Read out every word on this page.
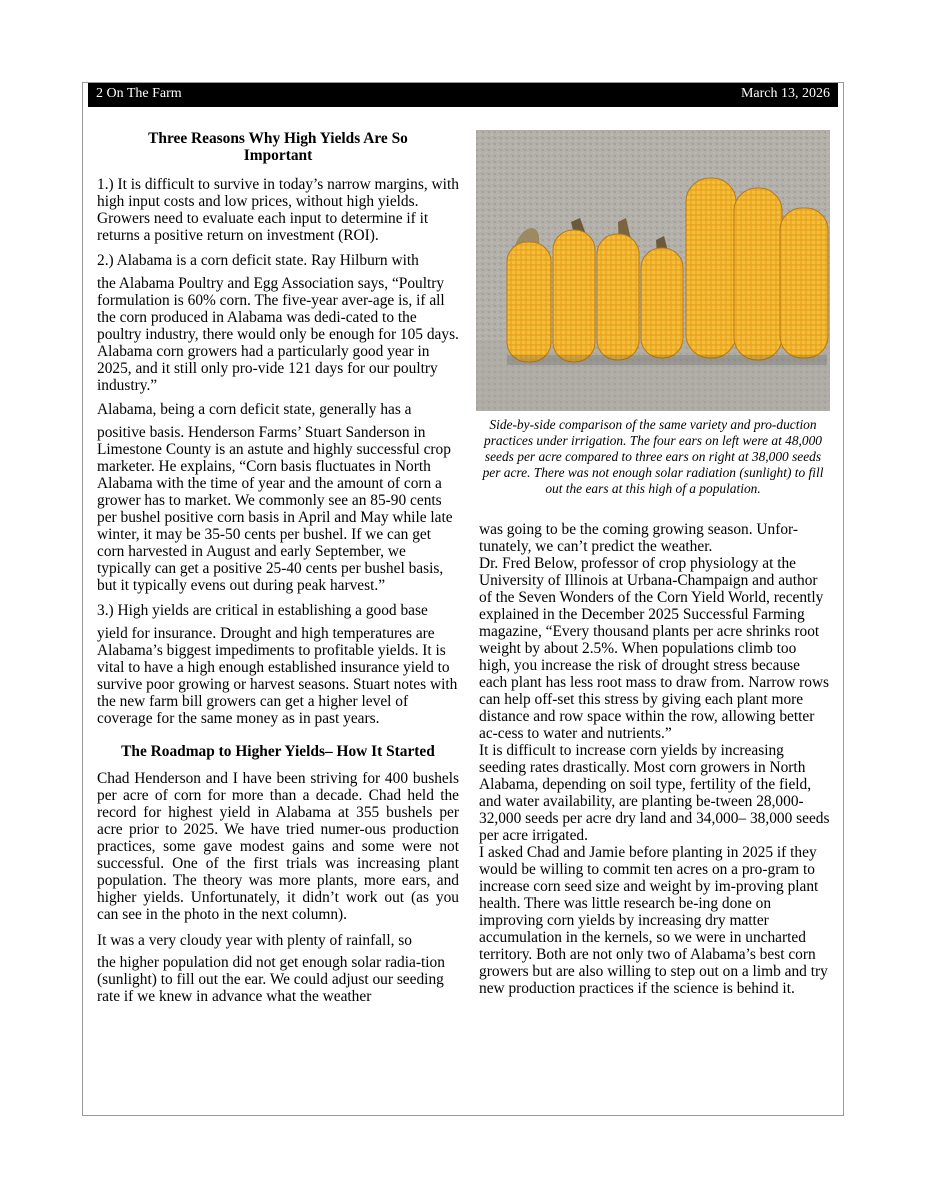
2 On The Farm	March 13, 2026

Three Reasons Why High Yields Are So Important

1.) It is difficult to survive in today’s narrow margins, with high input costs and low prices, without high yields. Growers need to evaluate each input to determine if it returns a positive return on investment (ROI).

2.) Alabama is a corn deficit state. Ray Hilburn with

the Alabama Poultry and Egg Association says, “Poultry formulation is 60% corn. The five-year aver-age is, if all the corn produced in Alabama was dedi-cated to the poultry industry, there would only be enough for 105 days. Alabama corn growers had a particularly good year in 2025, and it still only pro-vide 121 days for our poultry industry.”

Alabama, being a corn deficit state, generally has a

positive basis. Henderson Farms’ Stuart Sanderson in Limestone County is an astute and highly successful crop marketer. He explains, “Corn basis fluctuates in North Alabama with the time of year and the amount of corn a grower has to market. We commonly see an 85-90 cents per bushel positive corn basis in April and May while late winter, it may be 35-50 cents per bushel. If we can get corn harvested in August and early September, we typically can get a positive 25-40 cents per bushel basis, but it typically evens out during peak harvest.”

3.) High yields are critical in establishing a good base

yield for insurance. Drought and high temperatures are Alabama’s biggest impediments to profitable yields. It is vital to have a high enough established insurance yield to survive poor growing or harvest seasons. Stuart notes with the new farm bill growers can get a higher level of coverage for the same money as in past years.

The Roadmap to Higher Yields– How It Started

Chad Henderson and I have been striving for 400 bushels per acre of corn for more than a decade. Chad held the record for highest yield in Alabama at 355 bushels per acre prior to 2025. We have tried numer-ous production practices, some gave modest gains and some were not successful. One of the first trials was increasing plant population. The theory was more plants, more ears, and higher yields. Unfortunately, it didn’t work out (as you can see in the photo in the next column).

It was a very cloudy year with plenty of rainfall, so

the higher population did not get enough solar radia-tion (sunlight) to fill out the ear. We could adjust our seeding rate if we knew in advance what the weather

Side-by-side comparison of the same variety and pro-duction practices under irrigation. The four ears on left were at 48,000 seeds per acre compared to three ears on right at 38,000 seeds per acre. There was not enough solar radiation (sunlight) to fill out the ears at this high of a population.

was going to be the coming growing season. Unfor-tunately, we can’t predict the weather.

Dr. Fred Below, professor of crop physiology at the University of Illinois at Urbana-Champaign and author of the Seven Wonders of the Corn Yield World, recently explained in the December 2025 Successful Farming magazine, “Every thousand plants per acre shrinks root weight by about 2.5%. When populations climb too high, you increase the risk of drought stress because each plant has less root mass to draw from. Narrow rows can help off-set this stress by giving each plant more distance and row space within the row, allowing better ac-cess to water and nutrients.”

It is difficult to increase corn yields by increasing seeding rates drastically. Most corn growers in North Alabama, depending on soil type, fertility of the field, and water availability, are planting be-tween 28,000-32,000 seeds per acre dry land and 34,000– 38,000 seeds per acre irrigated.

I asked Chad and Jamie before planting in 2025 if they would be willing to commit ten acres on a pro-gram to increase corn seed size and weight by im-proving plant health. There was little research be-ing done on improving corn yields by increasing dry matter accumulation in the kernels, so we were in uncharted territory. Both are not only two of Alabama’s best corn growers but are also willing to step out on a limb and try new production practices if the science is behind it.
